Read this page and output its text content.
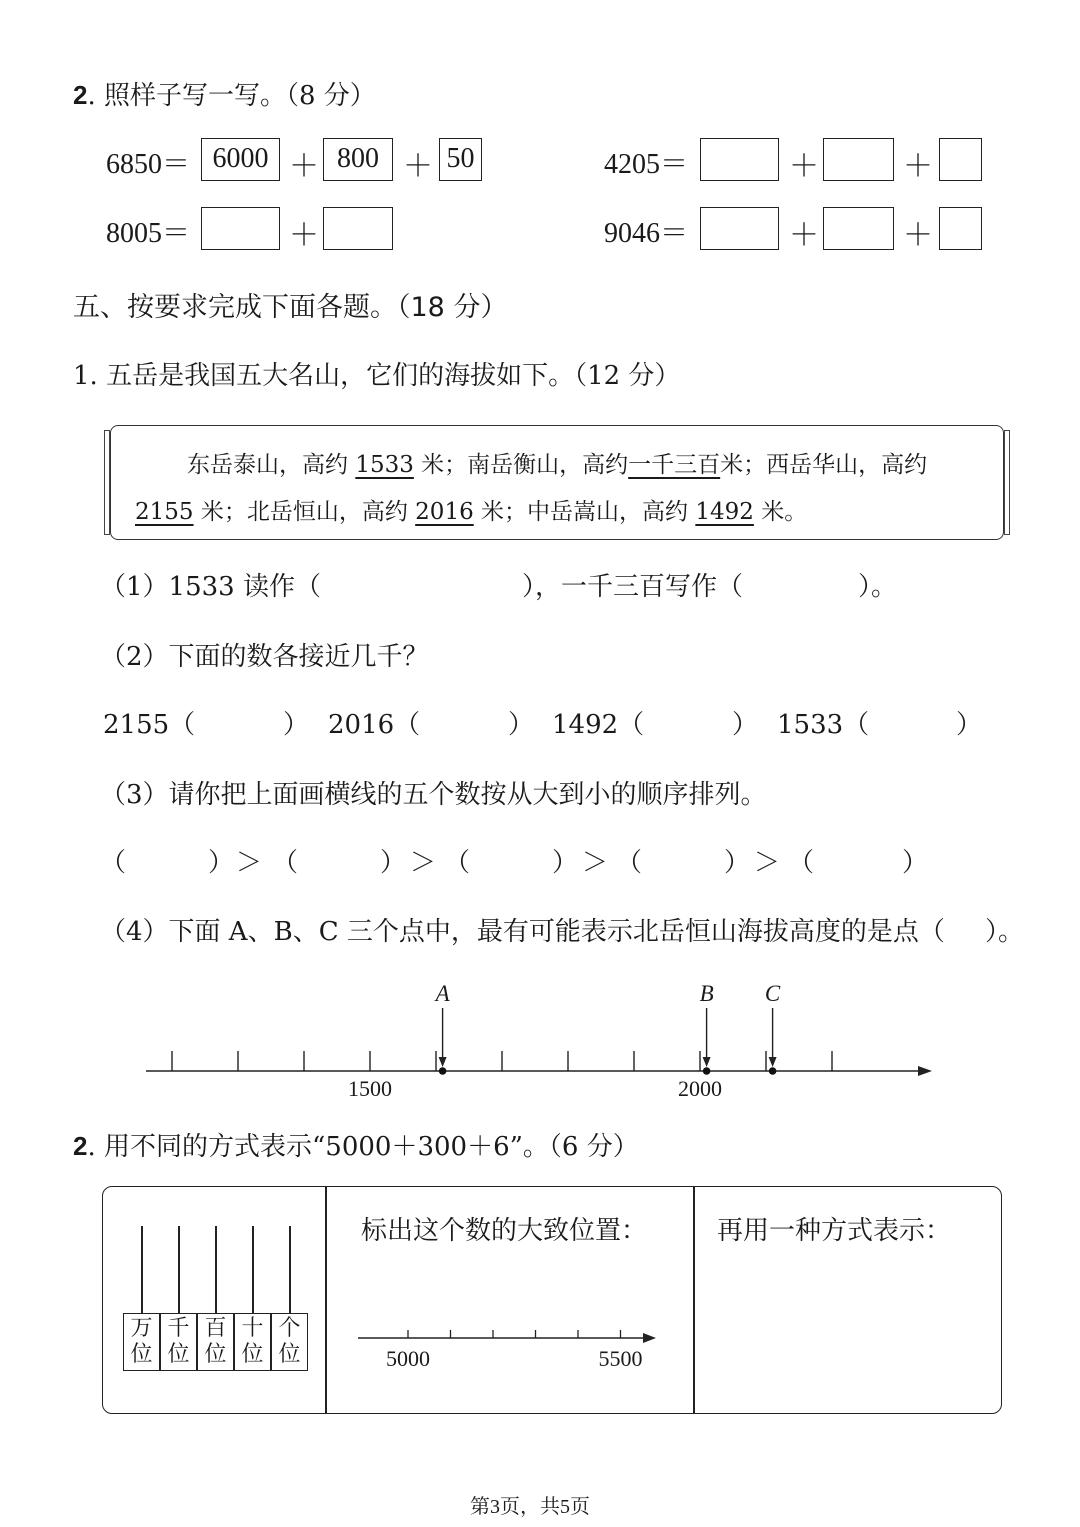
2. 照样子写一写。（8 分）
6850＝ 6000 ＋ 800 ＋ 50	4205＝	＋	＋
8005＝	＋	9046＝	＋	＋
五、按要求完成下面各题。（18 分）
1. 五岳是我国五大名山，它们的海拔如下。（12 分）
东岳泰山，高约 1533 米；南岳衡山，高约一千三百米；西岳华山，高约
2155 米；北岳恒山，高约 2016 米；中岳嵩山，高约 1492 米。
（1）1533 读作（	），一千三百写作（	）。
（2）下面的数各接近几千？
2155（	） 2016（	） 1492（	） 1533（	）
（3）请你把上面画横线的五个数按从大到小的顺序排列。
（	（	（	（	（
）	）	）	）	）
＞	＞	＞	＞
（4）下面 A、B、C 三个点中，最有可能表示北岳恒山海拔高度的是点（ ）。
1500	2000
A	B C
2. 用不同的方式表示“5000＋300＋6”。（6 分）
万
位
千
位
百
位
十
位
个
位
标出这个数的大致位置：
5000	5500
再用一种方式表示：
第3页，共5页
